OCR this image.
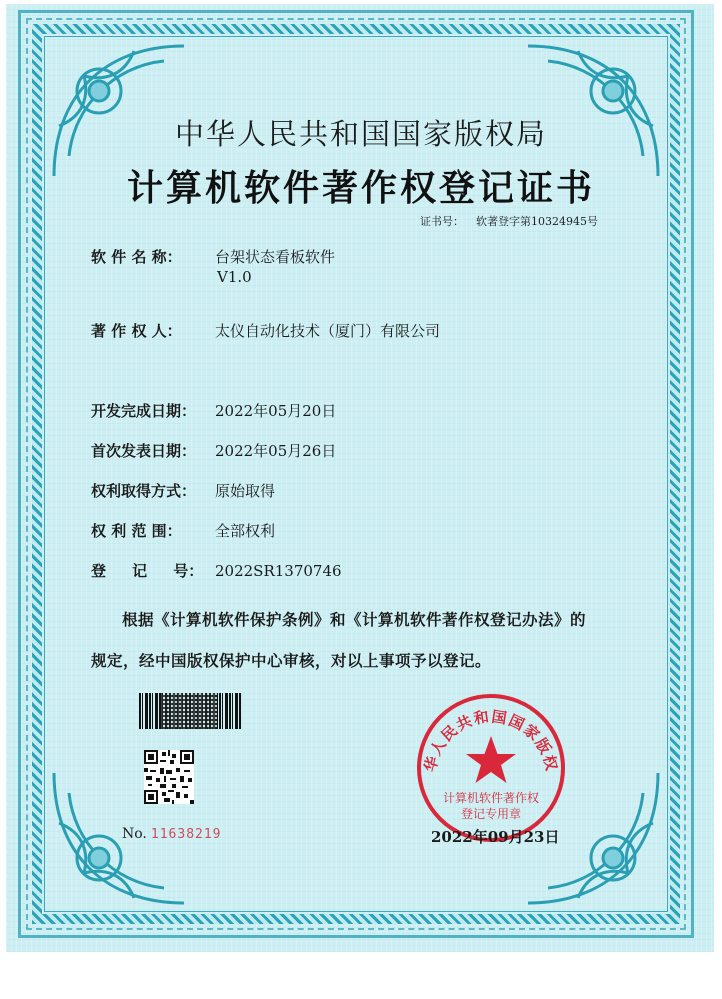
中华人民共和国国家版权局
计算机软件著作权登记证书
证书号： 软著登字第10324945号
软 件 名 称： 台架状态看板软件
V1.0
著 作 权 人： 太仪自动化技术（厦门）有限公司
开发完成日期： 2022年05月20日
首次发表日期： 2022年05月26日
权利取得方式： 原始取得
权 利 范 围： 全部权利
登     记     号： 2022SR1370746
根据《计算机软件保护条例》和《计算机软件著作权登记办法》的
规定，经中国版权保护中心审核，对以上事项予以登记。
No. 11638219
华人民共和国国家版权
计算机软件著作权
登记专用章
2022年09月23日
